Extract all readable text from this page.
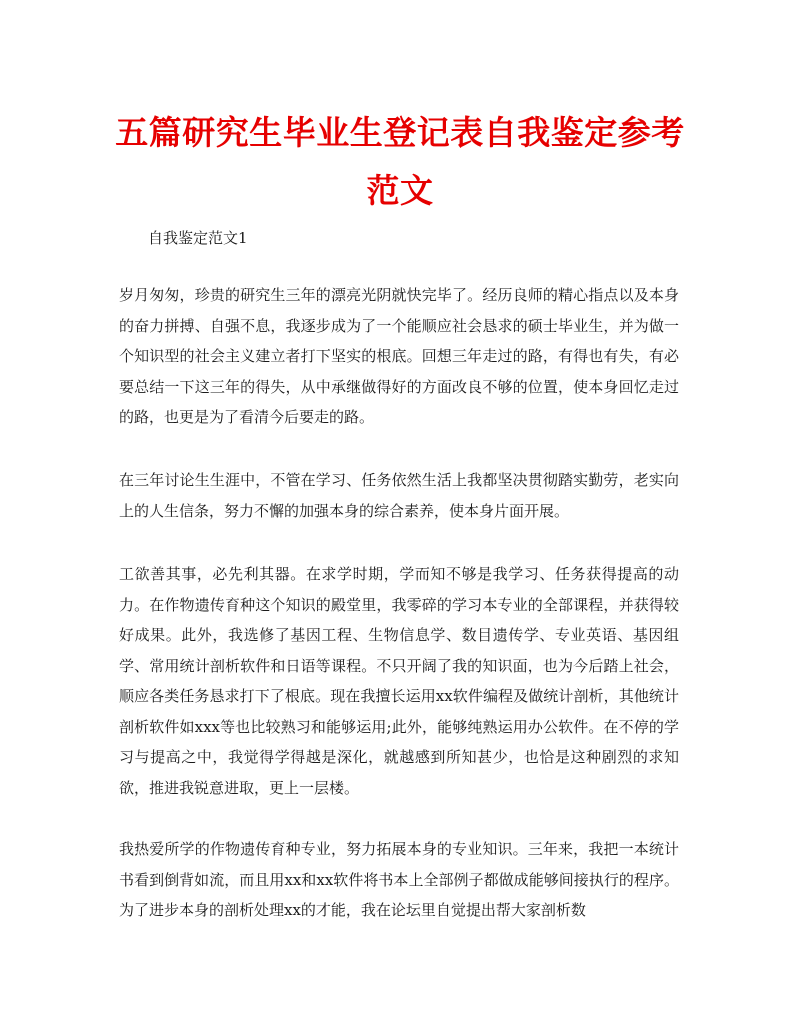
五篇研究生毕业生登记表自我鉴定参考范文

自我鉴定范文1

岁月匆匆，珍贵的研究生三年的漂亮光阴就快完毕了。经历良师的精心指点以及本身的奋力拼搏、自强不息，我逐步成为了一个能顺应社会恳求的硕士毕业生，并为做一个知识型的社会主义建立者打下坚实的根底。回想三年走过的路，有得也有失，有必要总结一下这三年的得失，从中承继做得好的方面改良不够的位置，使本身回忆走过的路，也更是为了看清今后要走的路。

在三年讨论生生涯中，不管在学习、任务依然生活上我都坚决贯彻踏实勤劳，老实向上的人生信条，努力不懈的加强本身的综合素养，使本身片面开展。

工欲善其事，必先利其器。在求学时期，学而知不够是我学习、任务获得提高的动力。在作物遗传育种这个知识的殿堂里，我零碎的学习本专业的全部课程，并获得较好成果。此外，我选修了基因工程、生物信息学、数目遗传学、专业英语、基因组学、常用统计剖析软件和日语等课程。不只开阔了我的知识面，也为今后踏上社会，顺应各类任务恳求打下了根底。现在我擅长运用xx软件编程及做统计剖析，其他统计剖析软件如xxx等也比较熟习和能够运用;此外，能够纯熟运用办公软件。在不停的学习与提高之中，我觉得学得越是深化，就越感到所知甚少，也恰是这种剧烈的求知欲，推进我锐意进取，更上一层楼。

我热爱所学的作物遗传育种专业，努力拓展本身的专业知识。三年来，我把一本统计书看到倒背如流，而且用xx和xx软件将书本上全部例子都做成能够间接执行的程序。为了进步本身的剖析处理xx的才能，我在论坛里自觉提出帮大家剖析数
